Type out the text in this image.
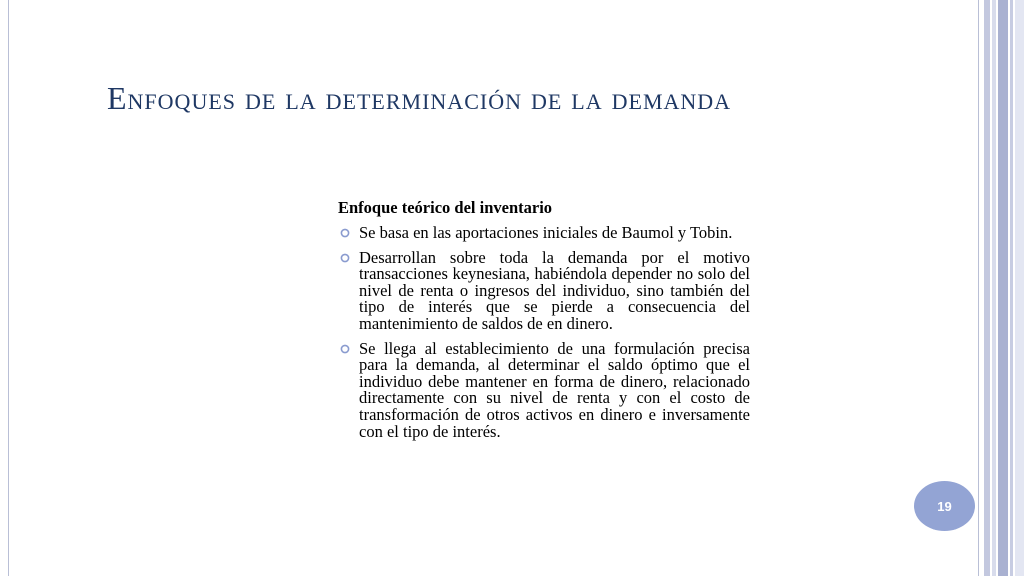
Enfoques de la determinación de la demanda
Enfoque teórico del inventario
Se basa en las aportaciones iniciales de Baumol y Tobin.
Desarrollan sobre toda la demanda por el motivo transacciones keynesiana, habiéndola depender no solo del nivel de renta o ingresos del individuo, sino también del tipo de interés que se pierde a consecuencia del mantenimiento de saldos de en dinero.
Se llega al establecimiento de una formulación precisa para la demanda, al determinar el saldo óptimo que el individuo debe mantener en forma de dinero, relacionado directamente con su nivel de renta y con el costo de transformación de otros activos en dinero e inversamente con el tipo de interés.
19
